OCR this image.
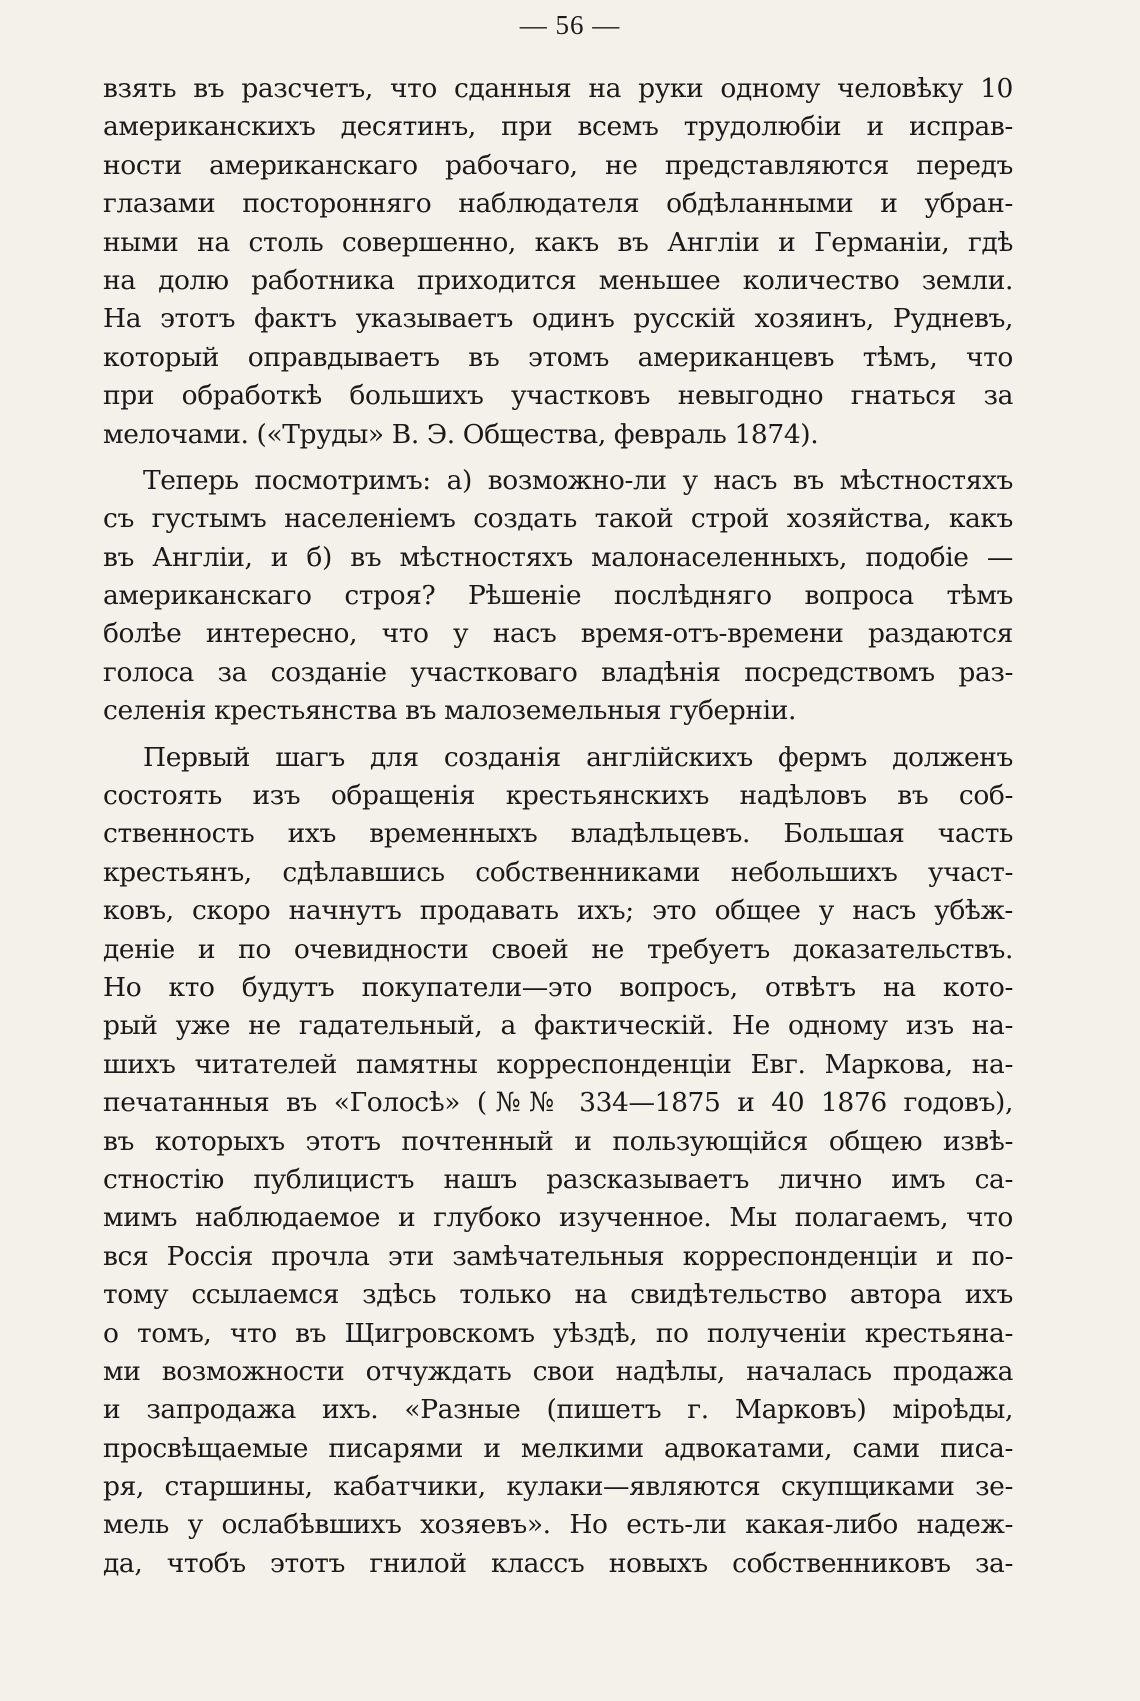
— 56 —
взять въ разсчетъ, что сданныя на руки одному человѣку 10
американскихъ десятинъ, при всемъ трудолюбіи и исправ-
ности американскаго рабочаго, не представляются передъ
глазами посторонняго наблюдателя обдѣланными и убран-
ными на столь совершенно, какъ въ Англіи и Германіи, гдѣ
на долю работника приходится меньшее количество земли.
На этотъ фактъ указываетъ одинъ русскій хозяинъ, Рудневъ,
который оправдываетъ въ этомъ американцевъ тѣмъ, что
при обработкѣ большихъ участковъ невыгодно гнаться за
мелочами. («Труды» В. Э. Общества, февраль 1874).
Теперь посмотримъ: а) возможно-ли у насъ въ мѣстностяхъ
съ густымъ населеніемъ создать такой строй хозяйства, какъ
въ Англіи, и б) въ мѣстностяхъ малонаселенныхъ, подобіе —
американскаго строя? Рѣшеніе послѣдняго вопроса тѣмъ
болѣе интересно, что у насъ время-отъ-времени раздаются
голоса за созданіе участковаго владѣнія посредствомъ раз-
селенія крестьянства въ малоземельныя губерніи.
Первый шагъ для созданія англійскихъ фермъ долженъ
состоять изъ обращенія крестьянскихъ надѣловъ въ соб-
ственность ихъ временныхъ владѣльцевъ. Большая часть
крестьянъ, сдѣлавшись собственниками небольшихъ участ-
ковъ, скоро начнутъ продавать ихъ; это общее у насъ убѣж-
деніе и по очевидности своей не требуетъ доказательствъ.
Но кто будутъ покупатели—это вопросъ, отвѣтъ на кото-
рый уже не гадательный, а фактическій. Не одному изъ на-
шихъ читателей памятны корреспонденціи Евг. Маркова, на-
печатанныя въ «Голосѣ» (№№ 334—1875 и 40 1876 годовъ),
въ которыхъ этотъ почтенный и пользующійся общею извѣ-
стностію публицистъ нашъ разсказываетъ лично имъ са-
мимъ наблюдаемое и глубоко изученное. Мы полагаемъ, что
вся Россія прочла эти замѣчательныя корреспонденціи и по-
тому ссылаемся здѣсь только на свидѣтельство автора ихъ
о томъ, что въ Щигровскомъ уѣздѣ, по полученіи крестьяна-
ми возможности отчуждать свои надѣлы, началась продажа
и запродажа ихъ. «Разные (пишетъ г. Марковъ) міроѣды,
просвѣщаемые писарями и мелкими адвокатами, сами писа-
ря, старшины, кабатчики, кулаки—являются скупщиками зе-
мель у ослабѣвшихъ хозяевъ». Но есть-ли какая-либо надеж-
да, чтобъ этотъ гнилой классъ новыхъ собственниковъ за-
